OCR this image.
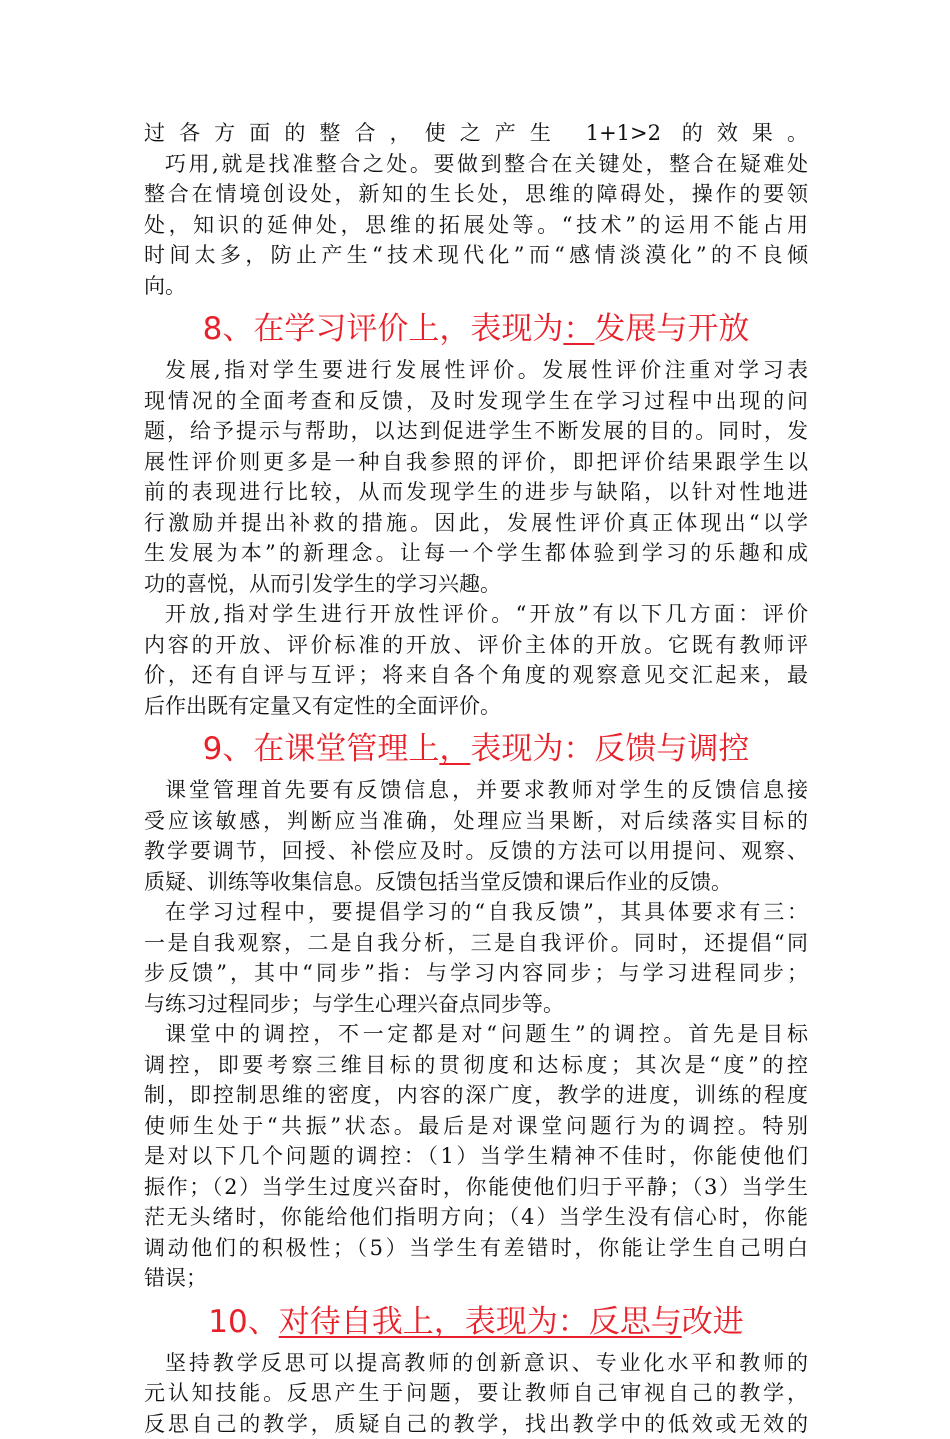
过各方面的整合，使之产生 1+1>2 的效果。
巧用,就是找准整合之处。要做到整合在关键处，整合在疑难处
整合在情境创设处，新知的生长处，思维的障碍处，操作的要领
处，知识的延伸处，思维的拓展处等。“技术”的运用不能占用
时间太多，防止产生“技术现代化”而“感情淡漠化”的不良倾
向。
8、在学习评价上，表现为：发展与开放
发展,指对学生要进行发展性评价。发展性评价注重对学习表
现情况的全面考查和反馈，及时发现学生在学习过程中出现的问
题，给予提示与帮助，以达到促进学生不断发展的目的。同时，发
展性评价则更多是一种自我参照的评价，即把评价结果跟学生以
前的表现进行比较，从而发现学生的进步与缺陷，以针对性地进
行激励并提出补救的措施。因此，发展性评价真正体现出“以学
生发展为本”的新理念。让每一个学生都体验到学习的乐趣和成
功的喜悦，从而引发学生的学习兴趣。
开放,指对学生进行开放性评价。“开放”有以下几方面：评价
内容的开放、评价标准的开放、评价主体的开放。它既有教师评
价，还有自评与互评；将来自各个角度的观察意见交汇起来，最
后作出既有定量又有定性的全面评价。
9、在课堂管理上，表现为：反馈与调控
课堂管理首先要有反馈信息，并要求教师对学生的反馈信息接
受应该敏感，判断应当准确，处理应当果断，对后续落实目标的
教学要调节，回授、补偿应及时。反馈的方法可以用提问、观察、
质疑、训练等收集信息。反馈包括当堂反馈和课后作业的反馈。
在学习过程中，要提倡学习的“自我反馈”，其具体要求有三：
一是自我观察，二是自我分析，三是自我评价。同时，还提倡“同
步反馈”，其中“同步”指：与学习内容同步；与学习进程同步；
与练习过程同步；与学生心理兴奋点同步等。
课堂中的调控，不一定都是对“问题生”的调控。首先是目标
调控，即要考察三维目标的贯彻度和达标度；其次是“度”的控
制，即控制思维的密度，内容的深广度，教学的进度，训练的程度
使师生处于“共振”状态。最后是对课堂问题行为的调控。特别
是对以下几个问题的调控：（1）当学生精神不佳时，你能使他们
振作；（2）当学生过度兴奋时，你能使他们归于平静；（3）当学生
茫无头绪时，你能给他们指明方向；（4）当学生没有信心时，你能
调动他们的积极性；（5）当学生有差错时，你能让学生自己明白
错误；
10、对待自我上，表现为：反思与改进
坚持教学反思可以提高教师的创新意识、专业化水平和教师的
元认知技能。反思产生于问题，要让教师自己审视自己的教学，
反思自己的教学，质疑自己的教学，找出教学中的低效或无效的
